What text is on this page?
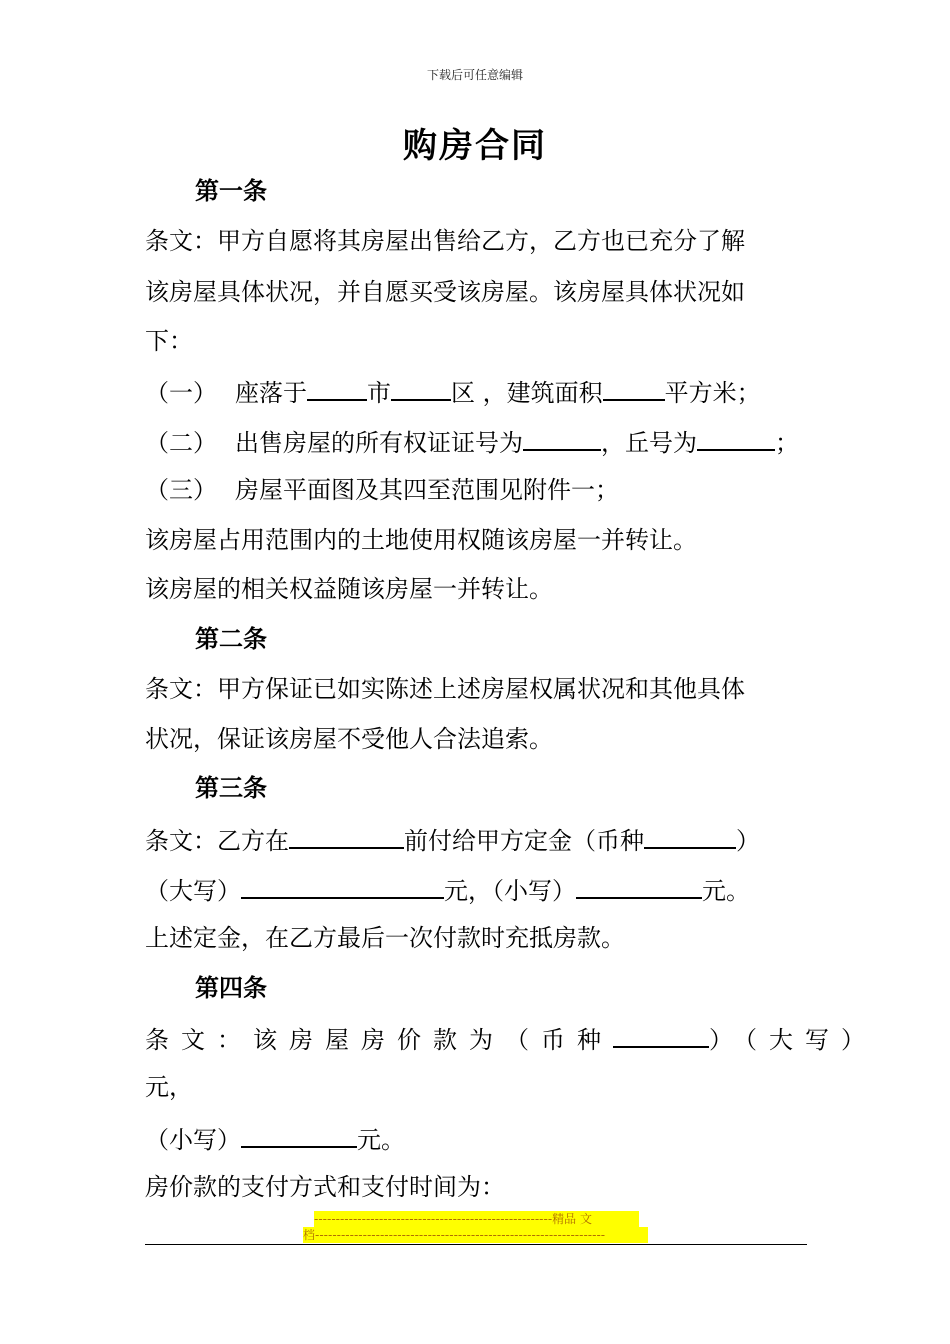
下载后可任意编辑
购房合同
第一条
条文：甲方自愿将其房屋出售给乙方，乙方也已充分了解
该房屋具体状况，并自愿买受该房屋。该房屋具体状况如
下：
（一） 座落于	市	区 ，建筑面积	平方米；
（二） 出售房屋的所有权证证号为	，丘号为	；
（三） 房屋平面图及其四至范围见附件一；
该房屋占用范围内的土地使用权随该房屋一并转让。
该房屋的相关权益随该房屋一并转让。
第二条
条文：甲方保证已如实陈述上述房屋权属状况和其他具体
状况，保证该房屋不受他人合法追索。
第三条
条文：乙方在	前付给甲方定金（币种	）
（大写）	元，（小写）	元。
上述定金，在乙方最后一次付款时充抵房款。
第四条
条文：该房屋房价款为（币种	）（大写）
元，
（小写）	元。
房价款的支付方式和支付时间为：
-------------------------------------------------------精品 文
档-------------------------------------------------------------------
